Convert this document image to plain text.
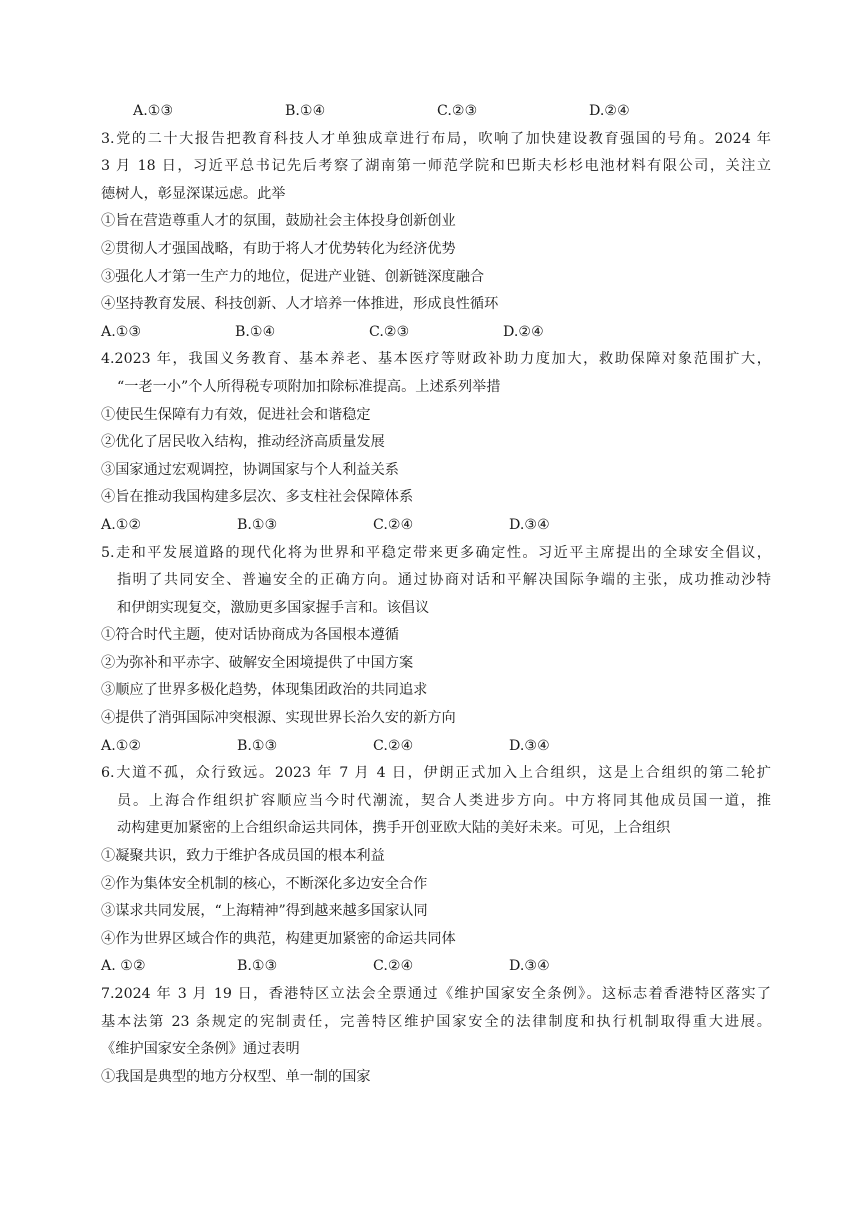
A.①③	B.①④	C.②③	D.②④
3.党的二十大报告把教育科技人才单独成章进行布局，吹响了加快建设教育强国的号角。2024 年
3 月 18 日，习近平总书记先后考察了湖南第一师范学院和巴斯夫杉杉电池材料有限公司，关注立
德树人，彰显深谋远虑。此举
①旨在营造尊重人才的氛围，鼓励社会主体投身创新创业
②贯彻人才强国战略，有助于将人才优势转化为经济优势
③强化人才第一生产力的地位，促进产业链、创新链深度融合
④坚持教育发展、科技创新、人才培养一体推进，形成良性循环
A.①③	B.①④	C.②③	D.②④
4.2023 年，我国义务教育、基本养老、基本医疗等财政补助力度加大，救助保障对象范围扩大，
“一老一小”个人所得税专项附加扣除标准提高。上述系列举措
①使民生保障有力有效，促进社会和谐稳定
②优化了居民收入结构，推动经济高质量发展
③国家通过宏观调控，协调国家与个人利益关系
④旨在推动我国构建多层次、多支柱社会保障体系
A.①②	B.①③	C.②④	D.③④
5.走和平发展道路的现代化将为世界和平稳定带来更多确定性。习近平主席提出的全球安全倡议，
指明了共同安全、普遍安全的正确方向。通过协商对话和平解决国际争端的主张，成功推动沙特
和伊朗实现复交，激励更多国家握手言和。该倡议
①符合时代主题，使对话协商成为各国根本遵循
②为弥补和平赤字、破解安全困境提供了中国方案
③顺应了世界多极化趋势，体现集团政治的共同追求
④提供了消弭国际冲突根源、实现世界长治久安的新方向
A.①②	B.①③	C.②④	D.③④
6.大道不孤，众行致远。2023 年 7 月 4 日，伊朗正式加入上合组织，这是上合组织的第二轮扩
员。上海合作组织扩容顺应当今时代潮流，契合人类进步方向。中方将同其他成员国一道，推
动构建更加紧密的上合组织命运共同体，携手开创亚欧大陆的美好未来。可见，上合组织
①凝聚共识，致力于维护各成员国的根本利益
②作为集体安全机制的核心，不断深化多边安全合作
③谋求共同发展，“上海精神”得到越来越多国家认同
④作为世界区域合作的典范，构建更加紧密的命运共同体
A. ①②	B.①③	C.②④	D.③④
7.2024 年 3 月 19 日，香港特区立法会全票通过《维护国家安全条例》。这标志着香港特区落实了
基本法第 23 条规定的宪制责任，完善特区维护国家安全的法律制度和执行机制取得重大进展。
《维护国家安全条例》通过表明
①我国是典型的地方分权型、单一制的国家
